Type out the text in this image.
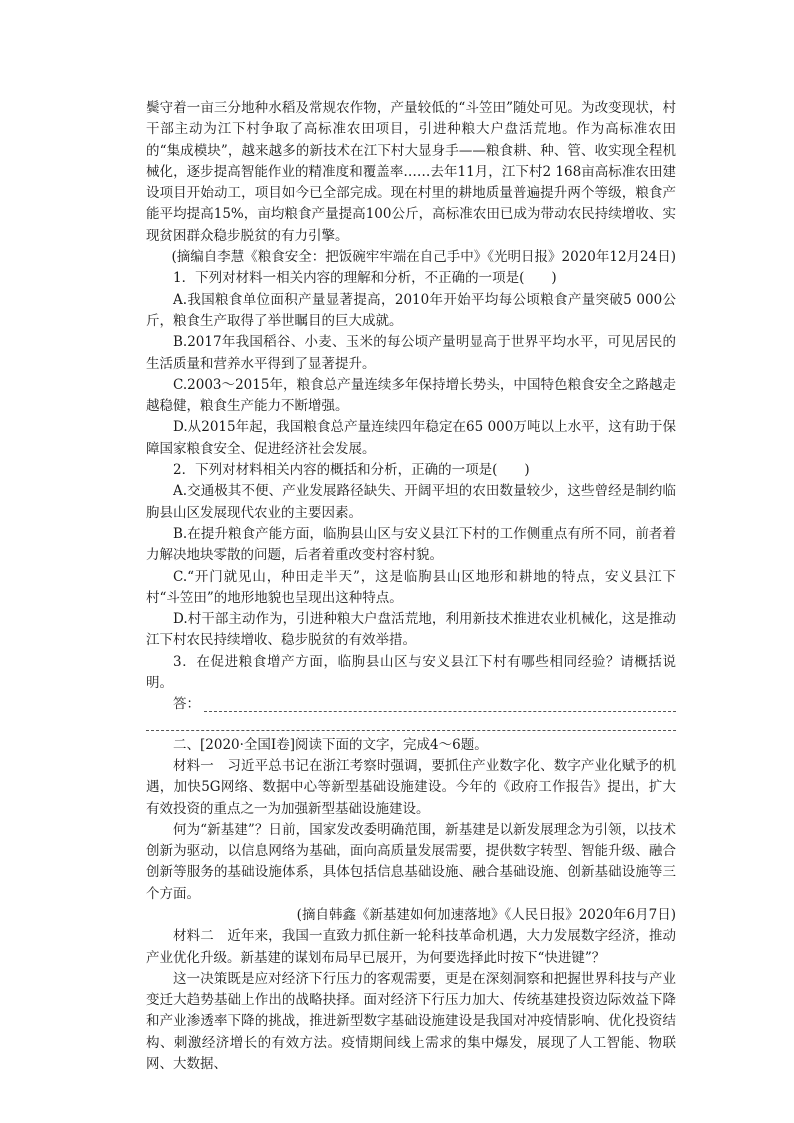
鬓守着一亩三分地种水稻及常规农作物，产量较低的“斗笠田”随处可见。为改变现状，村干部主动为江下村争取了高标准农田项目，引进种粮大户盘活荒地。作为高标准农田的“集成模块”，越来越多的新技术在江下村大显身手——粮食耕、种、管、收实现全程机械化，逐步提高智能作业的精准度和覆盖率……去年11月，江下村2 168亩高标准农田建设项目开始动工，项目如今已全部完成。现在村里的耕地质量普遍提升两个等级，粮食产能平均提高15%，亩均粮食产量提高100公斤，高标准农田已成为带动农民持续增收、实现贫困群众稳步脱贫的有力引擎。

(摘编自李慧《粮食安全：把饭碗牢牢端在自己手中》《光明日报》2020年12月24日)

1．下列对材料一相关内容的理解和分析，不正确的一项是(　　)

A.我国粮食单位面积产量显著提高，2010年开始平均每公顷粮食产量突破5 000公斤，粮食生产取得了举世瞩目的巨大成就。

B.2017年我国稻谷、小麦、玉米的每公顷产量明显高于世界平均水平，可见居民的生活质量和营养水平得到了显著提升。

C.2003～2015年，粮食总产量连续多年保持增长势头，中国特色粮食安全之路越走越稳健，粮食生产能力不断增强。

D.从2015年起，我国粮食总产量连续四年稳定在65 000万吨以上水平，这有助于保障国家粮食安全、促进经济社会发展。

2．下列对材料相关内容的概括和分析，正确的一项是(　　)

A.交通极其不便、产业发展路径缺失、开阔平坦的农田数量较少，这些曾经是制约临朐县山区发展现代农业的主要因素。

B.在提升粮食产能方面，临朐县山区与安义县江下村的工作侧重点有所不同，前者着力解决地块零散的问题，后者着重改变村容村貌。

C.“开门就见山，种田走半天”，这是临朐县山区地形和耕地的特点，安义县江下村“斗笠田”的地形地貌也呈现出这种特点。

D.村干部主动作为，引进种粮大户盘活荒地，利用新技术推进农业机械化，这是推动江下村农民持续增收、稳步脱贫的有效举措。

3．在促进粮食增产方面，临朐县山区与安义县江下村有哪些相同经验？请概括说明。

答：

二、[2020·全国Ⅰ卷]阅读下面的文字，完成4～6题。

材料一　习近平总书记在浙江考察时强调，要抓住产业数字化、数字产业化赋予的机遇，加快5G网络、数据中心等新型基础设施建设。今年的《政府工作报告》提出，扩大有效投资的重点之一为加强新型基础设施建设。

何为“新基建”？日前，国家发改委明确范围，新基建是以新发展理念为引领，以技术创新为驱动，以信息网络为基础，面向高质量发展需要，提供数字转型、智能升级、融合创新等服务的基础设施体系，具体包括信息基础设施、融合基础设施、创新基础设施等三个方面。

(摘自韩鑫《新基建如何加速落地》《人民日报》2020年6月7日)

材料二　近年来，我国一直致力抓住新一轮科技革命机遇，大力发展数字经济，推动产业优化升级。新基建的谋划布局早已展开，为何要选择此时按下“快进键”？

这一决策既是应对经济下行压力的客观需要，更是在深刻洞察和把握世界科技与产业变迁大趋势基础上作出的战略抉择。面对经济下行压力加大、传统基建投资边际效益下降和产业渗透率下降的挑战，推进新型数字基础设施建设是我国对冲疫情影响、优化投资结构、刺激经济增长的有效方法。疫情期间线上需求的集中爆发，展现了人工智能、物联网、大数据、
